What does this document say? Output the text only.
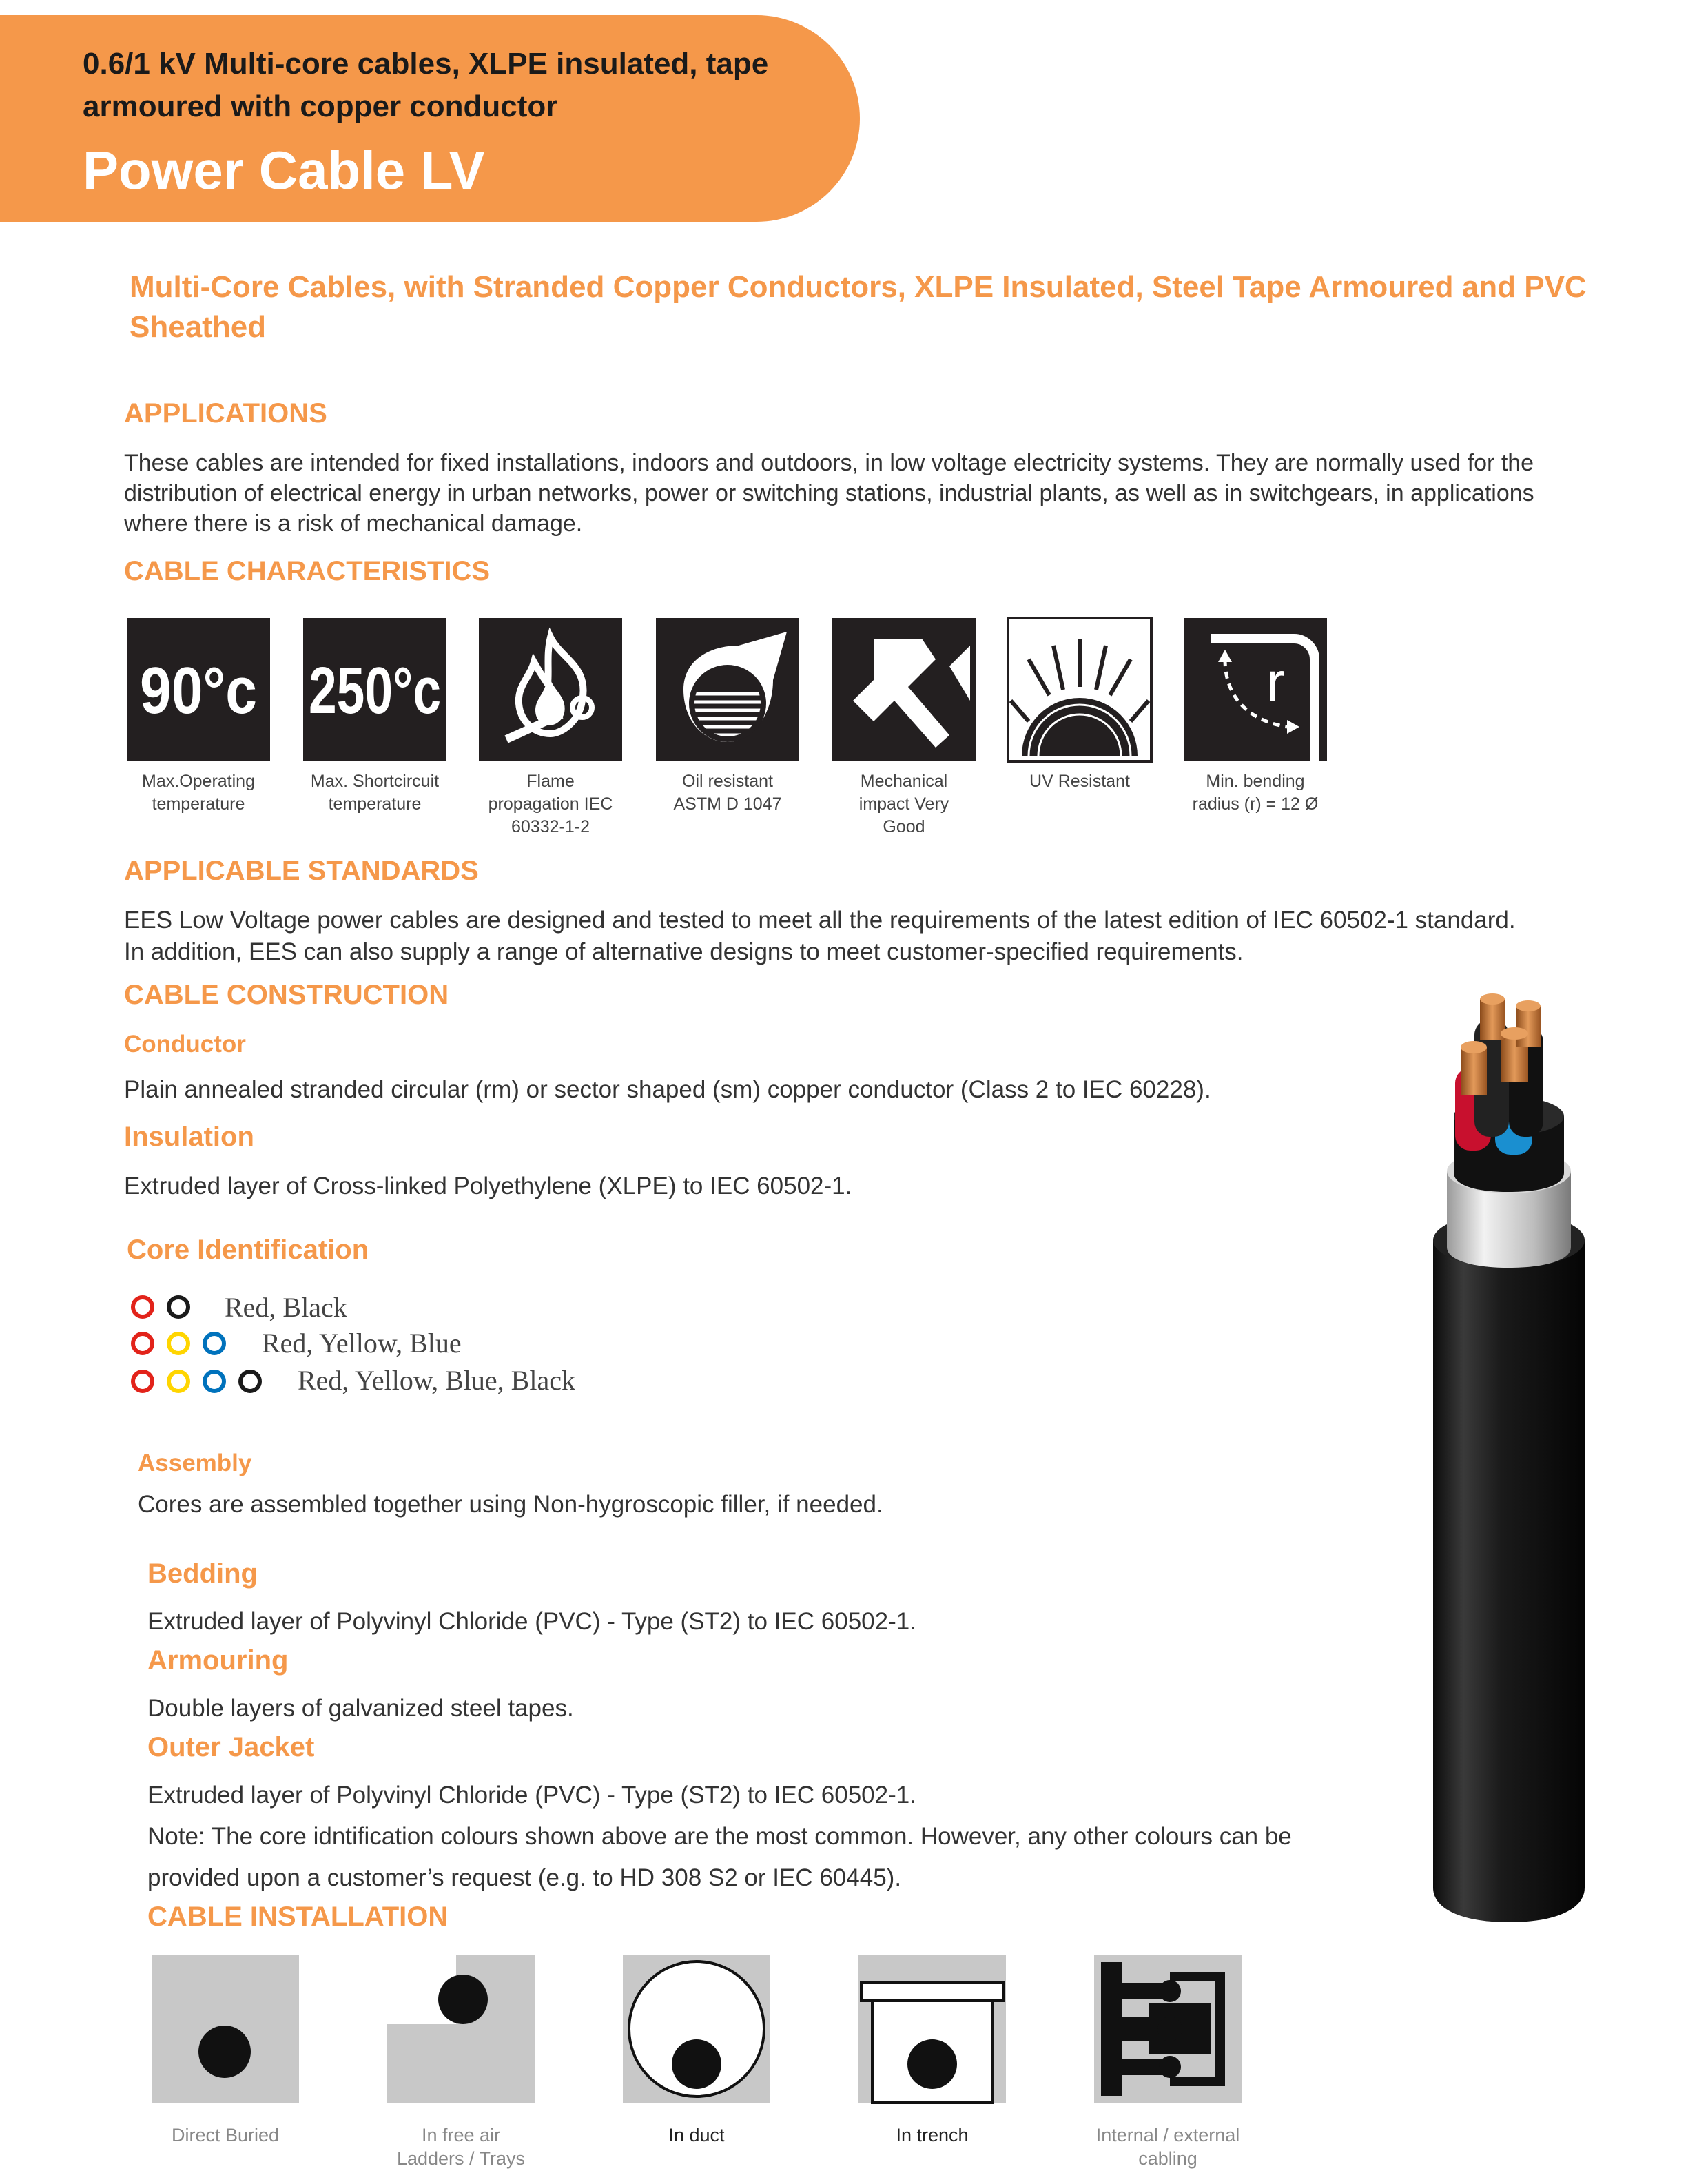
0.6/1 kV Multi-core cables, XLPE insulated, tape
armoured with copper conductor
Power Cable LV
Multi-Core Cables, with Stranded Copper Conductors, XLPE Insulated, Steel Tape Armoured and PVC Sheathed
APPLICATIONS
These cables are intended for fixed installations, indoors and outdoors, in low voltage electricity systems. They are normally used for the distribution of electrical energy in urban networks, power or switching stations, industrial plants, as well as in switchgears, in applications where there is a risk of mechanical damage.
CABLE CHARACTERISTICS
90°c 250°c	r
Max.Operating temperature
Max. Shortcircuit temperature
Flame propagation IEC 60332-1-2
Oil resistant ASTM D 1047
Mechanical impact Very Good
UV Resistant	Min. bending radius (r) = 12 Ø
APPLICABLE STANDARDS
EES Low Voltage power cables are designed and tested to meet all the requirements of the latest edition of IEC 60502-1 standard.
In addition, EES can also supply a range of alternative designs to meet customer-specified requirements.
CABLE CONSTRUCTION
Conductor
Plain annealed stranded circular (rm) or sector shaped (sm) copper conductor (Class 2 to IEC 60228).
Insulation
Extruded layer of Cross-linked Polyethylene (XLPE) to IEC 60502-1.
Core Identification
Red, Black
Red, Yellow, Blue
Red, Yellow, Blue, Black
Assembly
Cores are assembled together using Non-hygroscopic filler, if needed.
Bedding
Extruded layer of Polyvinyl Chloride (PVC) - Type (ST2) to IEC 60502-1.
Armouring
Double layers of galvanized steel tapes.
Outer Jacket
Extruded layer of Polyvinyl Chloride (PVC) - Type (ST2) to IEC 60502-1.
Note: The core idntification colours shown above are the most common. However, any other colours can be
provided upon a customer’s request (e.g. to HD 308 S2 or IEC 60445).
CABLE INSTALLATION
Direct Buried	In free air
Ladders / Trays
In duct	In trench	Internal / external
cabling
